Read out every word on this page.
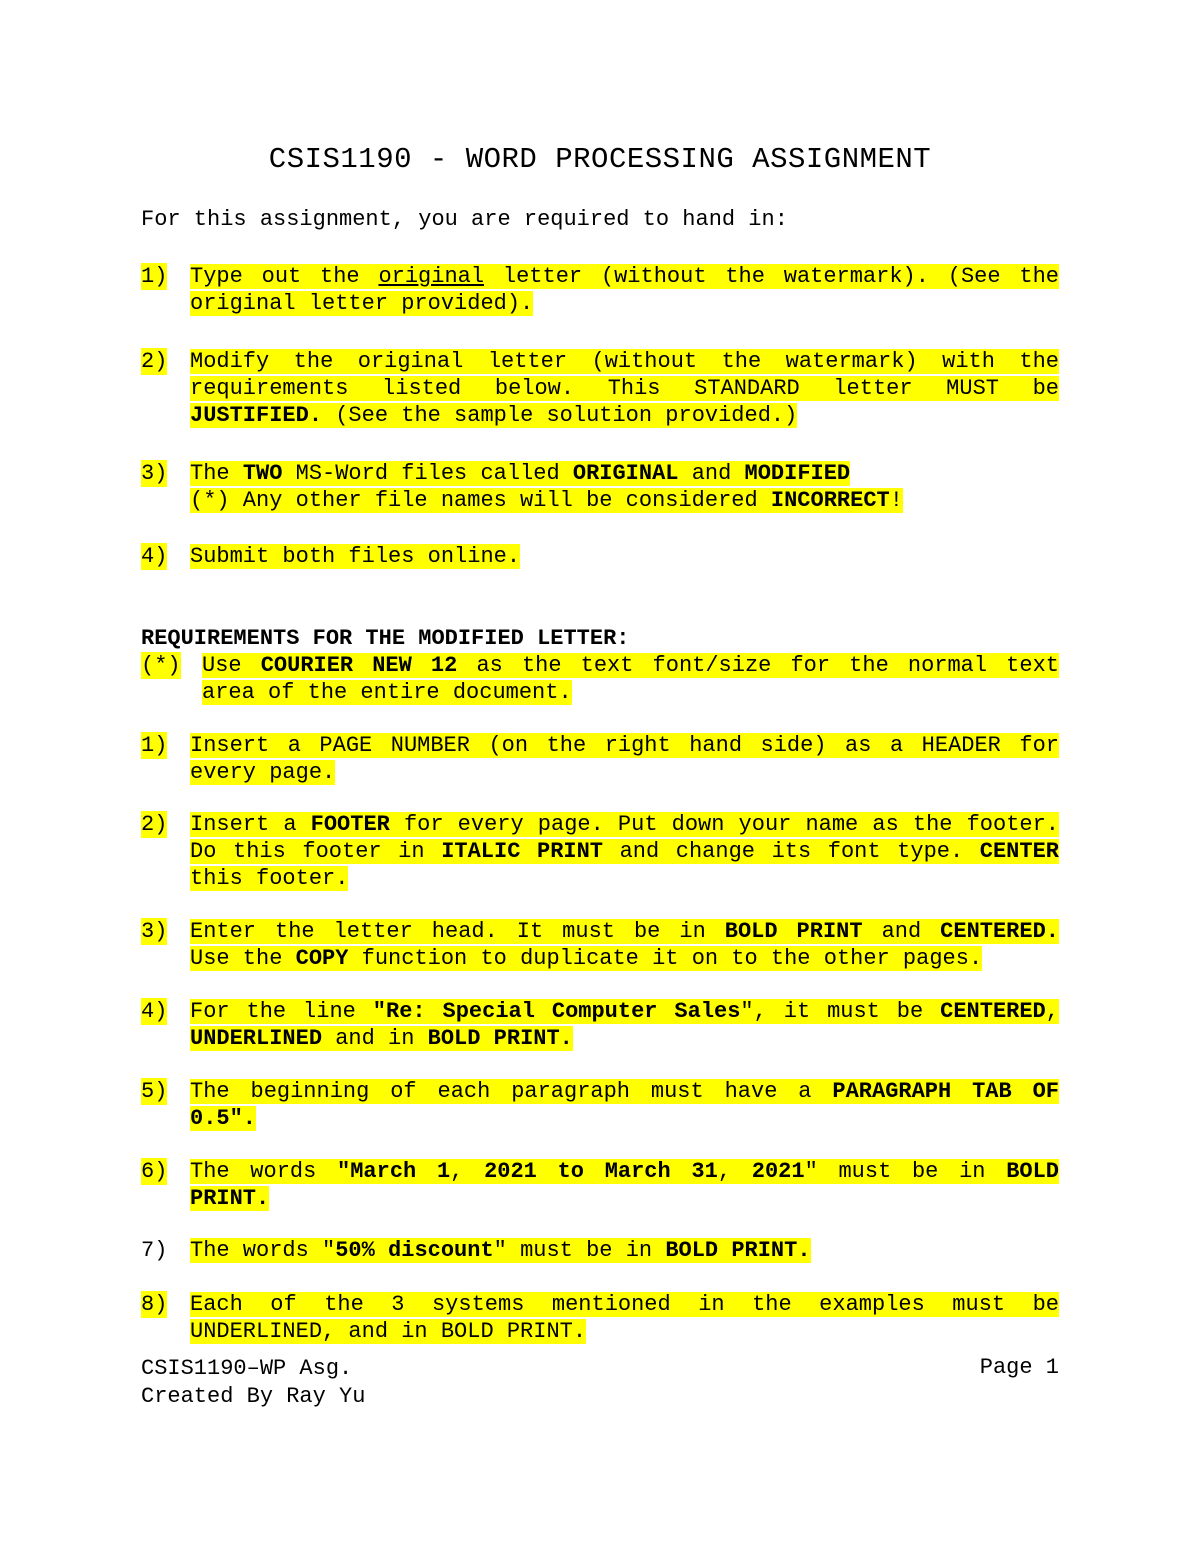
CSIS1190 - WORD PROCESSING ASSIGNMENT
For this assignment, you are required to hand in:
1) Type out the original letter (without the watermark). (See the
original letter provided).
2) Modify the original letter (without the watermark) with the requirements listed below. This STANDARD letter MUST be JUSTIFIED. (See the sample solution provided.)
3) The TWO MS-Word files called ORIGINAL and MODIFIED
(*) Any other file names will be considered INCORRECT!
4) Submit both files online.
REQUIREMENTS FOR THE MODIFIED LETTER:
(*) Use COURIER NEW 12 as the text font/size for the normal text area of the entire document.
1) Insert a PAGE NUMBER (on the right hand side) as a HEADER for every page.
2) Insert a FOOTER for every page. Put down your name as the footer. Do this footer in ITALIC PRINT and change its font type. CENTER this footer.
3) Enter the letter head. It must be in BOLD PRINT and CENTERED.
Use the COPY function to duplicate it on to the other pages.
4) For the line "Re: Special Computer Sales", it must be CENTERED, UNDERLINED and in BOLD PRINT.
5) The beginning of each paragraph must have a PARAGRAPH TAB OF 0.5".
6) The words "March 1, 2021 to March 31, 2021" must be in BOLD PRINT.
7) The words "50% discount" must be in BOLD PRINT.
8) Each of the 3 systems mentioned in the examples must be UNDERLINED, and in BOLD PRINT.
CSIS1190–WP Asg.
Created By Ray Yu
Page 1
